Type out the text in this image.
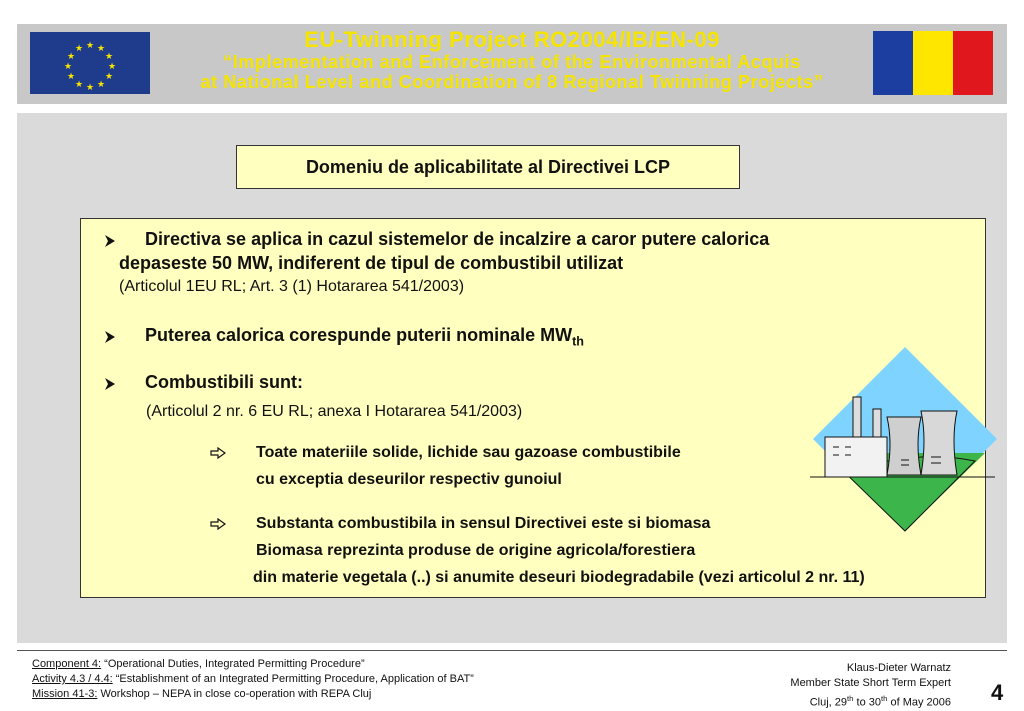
★ ★
★
★
★
★
★
★
★
★
★
★	EU-Twinning Project RO2004/IB/EN-09
“Implementation and Enforcement of the Environmental Acquis
at National Level and Coordination of 8 Regional Twinning Projects”
Domeniu de aplicabilitate al Directivei LCP
Directiva se aplica in cazul sistemelor de incalzire a caror putere calorica
depaseste 50 MW, indiferent de tipul de combustibil utilizat
(Articolul 1EU RL; Art. 3 (1) Hotararea 541/2003)
Puterea calorica corespunde puterii nominale $MW_{th}$
Combustibili sunt:
(Articolul 2 nr. 6 EU RL; anexa I Hotararea 541/2003)
Toate materiile solide, lichide sau gazoase combustibile
cu exceptia deseurilor respectiv gunoiul
Substanta combustibila in sensul Directivei este si biomasa
Biomasa reprezinta produse de origine agricola/forestiera
din materie vegetala (..) si anumite deseuri biodegradabile (vezi articolul 2 nr. 11)
Component 4: “Operational Duties, Integrated Permitting Procedure”
Activity 4.3 / 4.4: “Establishment of an Integrated Permitting Procedure, Application of BAT”
Mission 41-3: Workshop – NEPA in close co-operation with REPA Cluj
Klaus-Dieter Warnatz
Member State Short Term Expert
Cluj, 29th to 30th of May 2006 4
